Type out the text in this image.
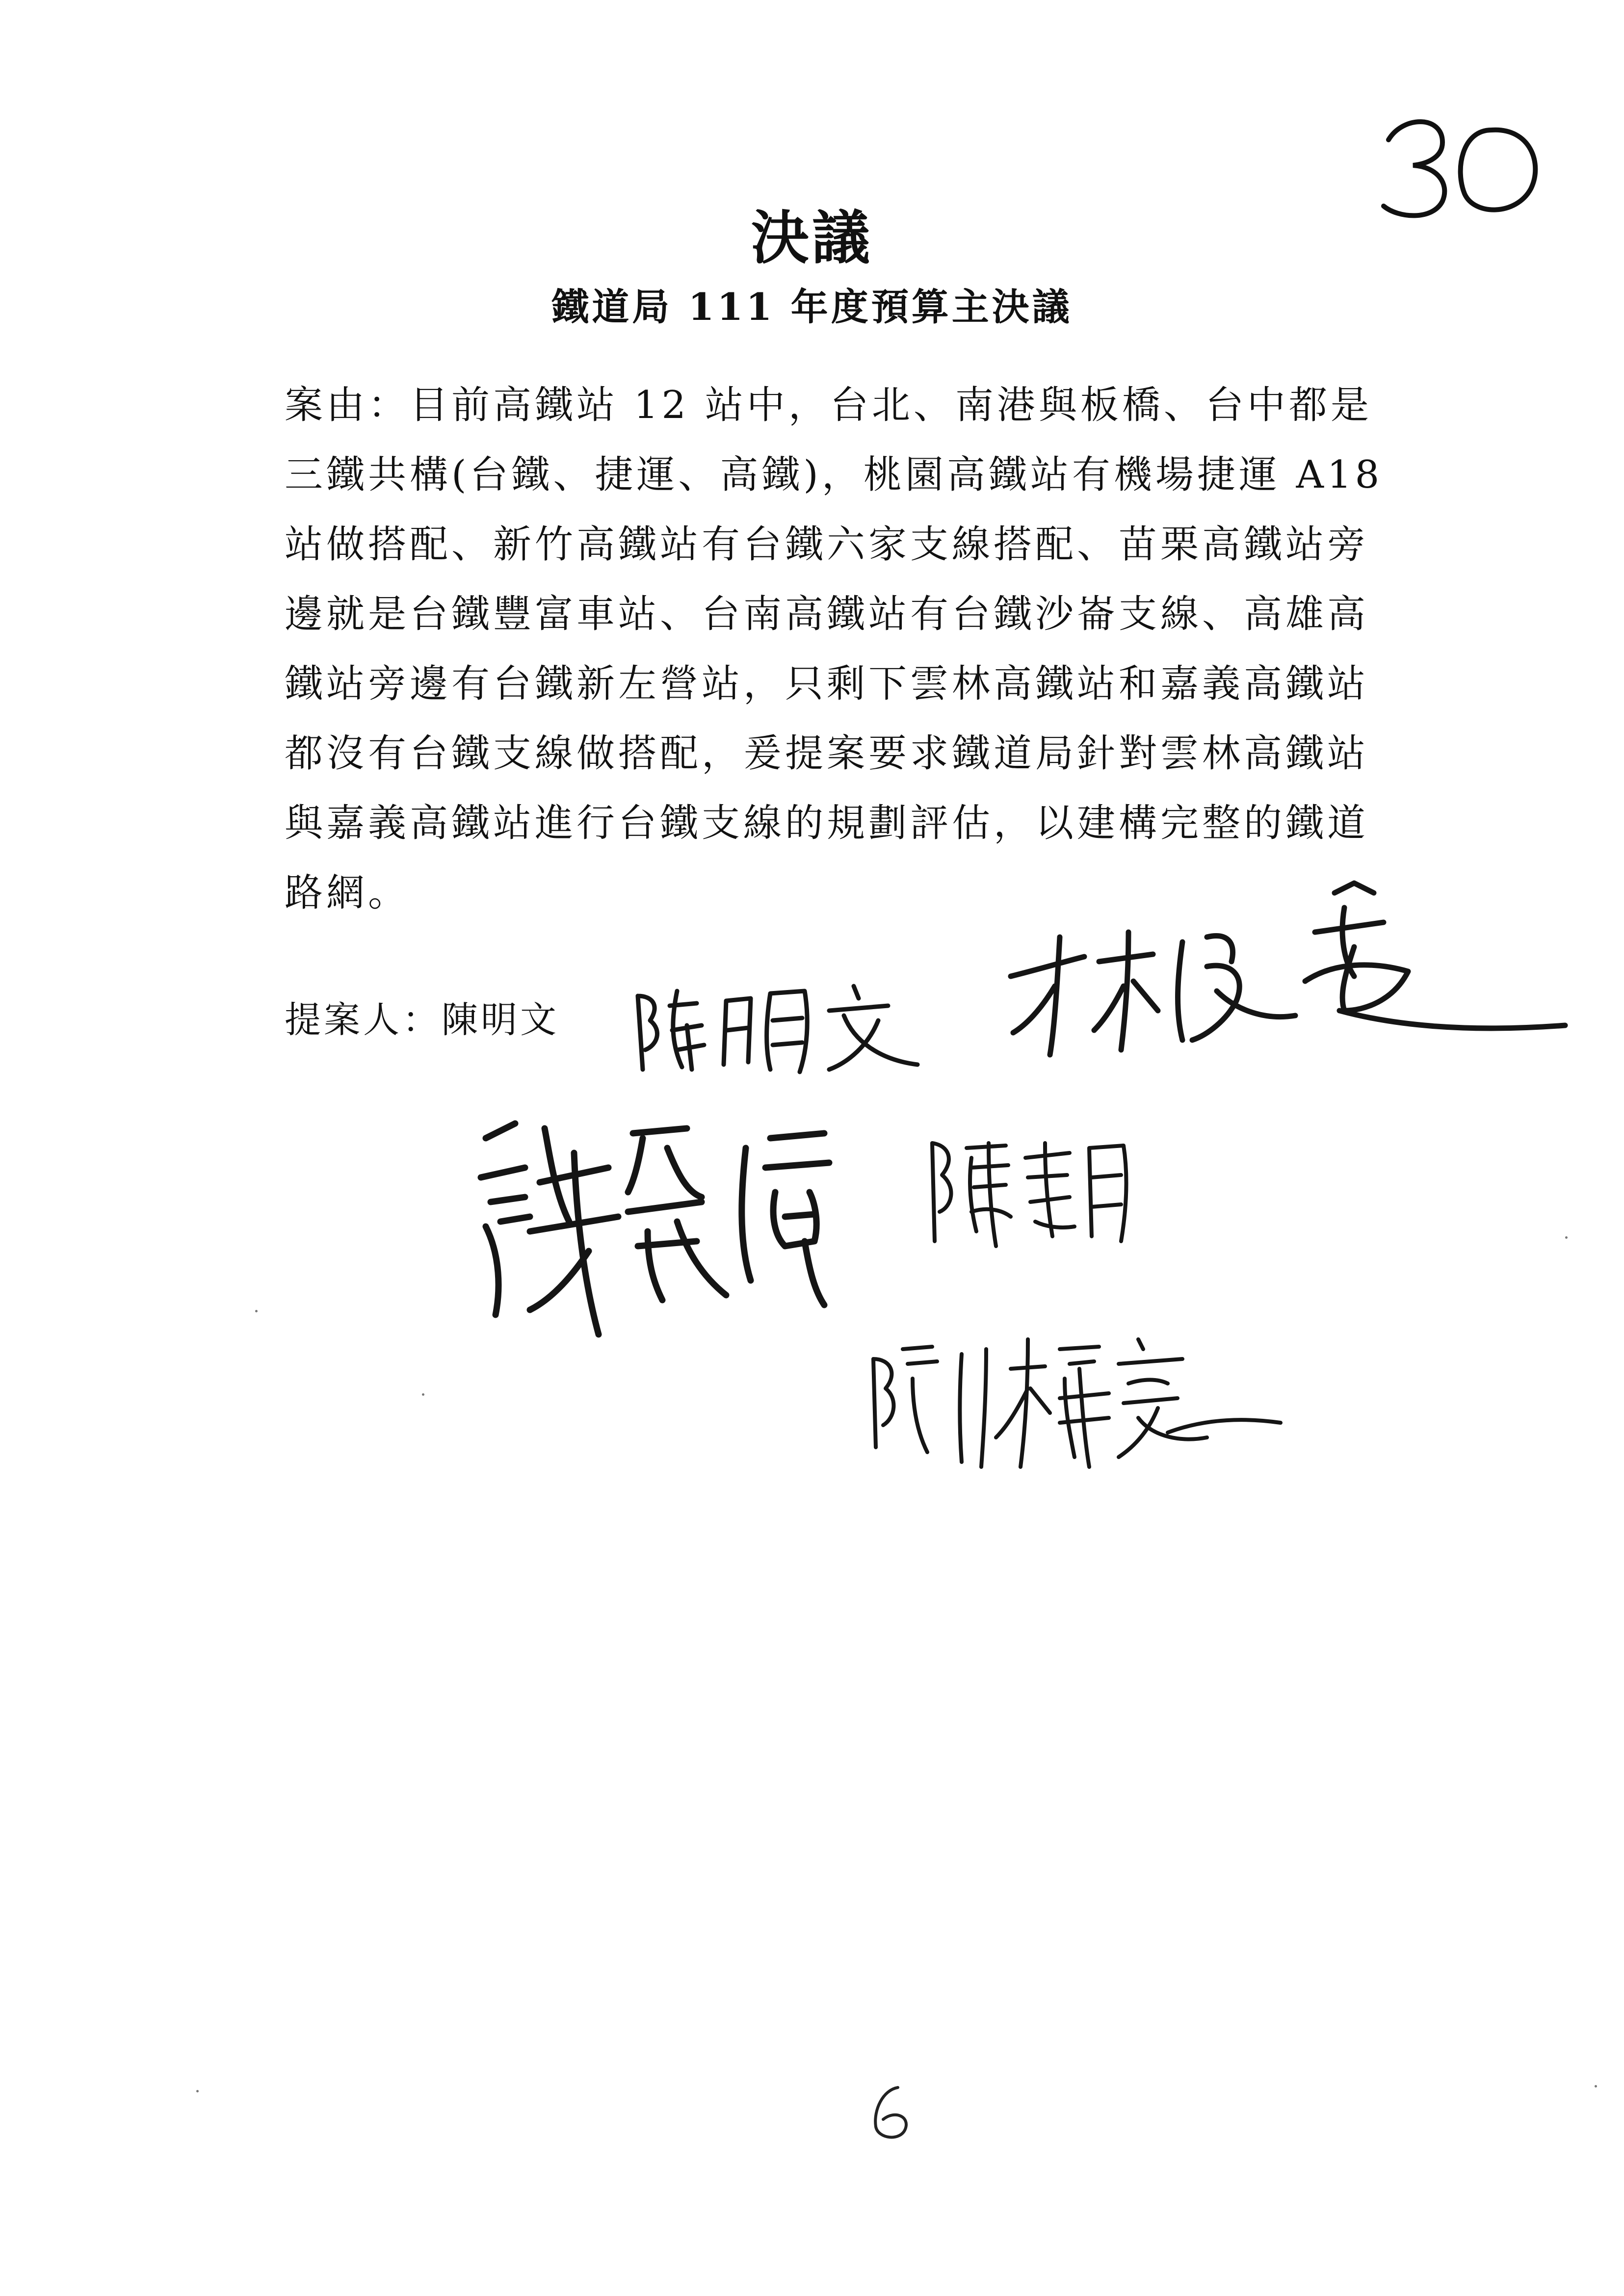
決議
鐵道局 111 年度預算主決議

案由：目前高鐵站 12 站中，台北、南港與板橋、台中都是

三鐵共構(台鐵、捷運、高鐵)，桃園高鐵站有機場捷運 A18

站做搭配、新竹高鐵站有台鐵六家支線搭配、苗栗高鐵站旁

邊就是台鐵豐富車站、台南高鐵站有台鐵沙崙支線、高雄高

鐵站旁邊有台鐵新左營站，只剩下雲林高鐵站和嘉義高鐵站

都沒有台鐵支線做搭配，爰提案要求鐵道局針對雲林高鐵站

與嘉義高鐵站進行台鐵支線的規劃評估，以建構完整的鐵道

路網。

提案人：陳明文
